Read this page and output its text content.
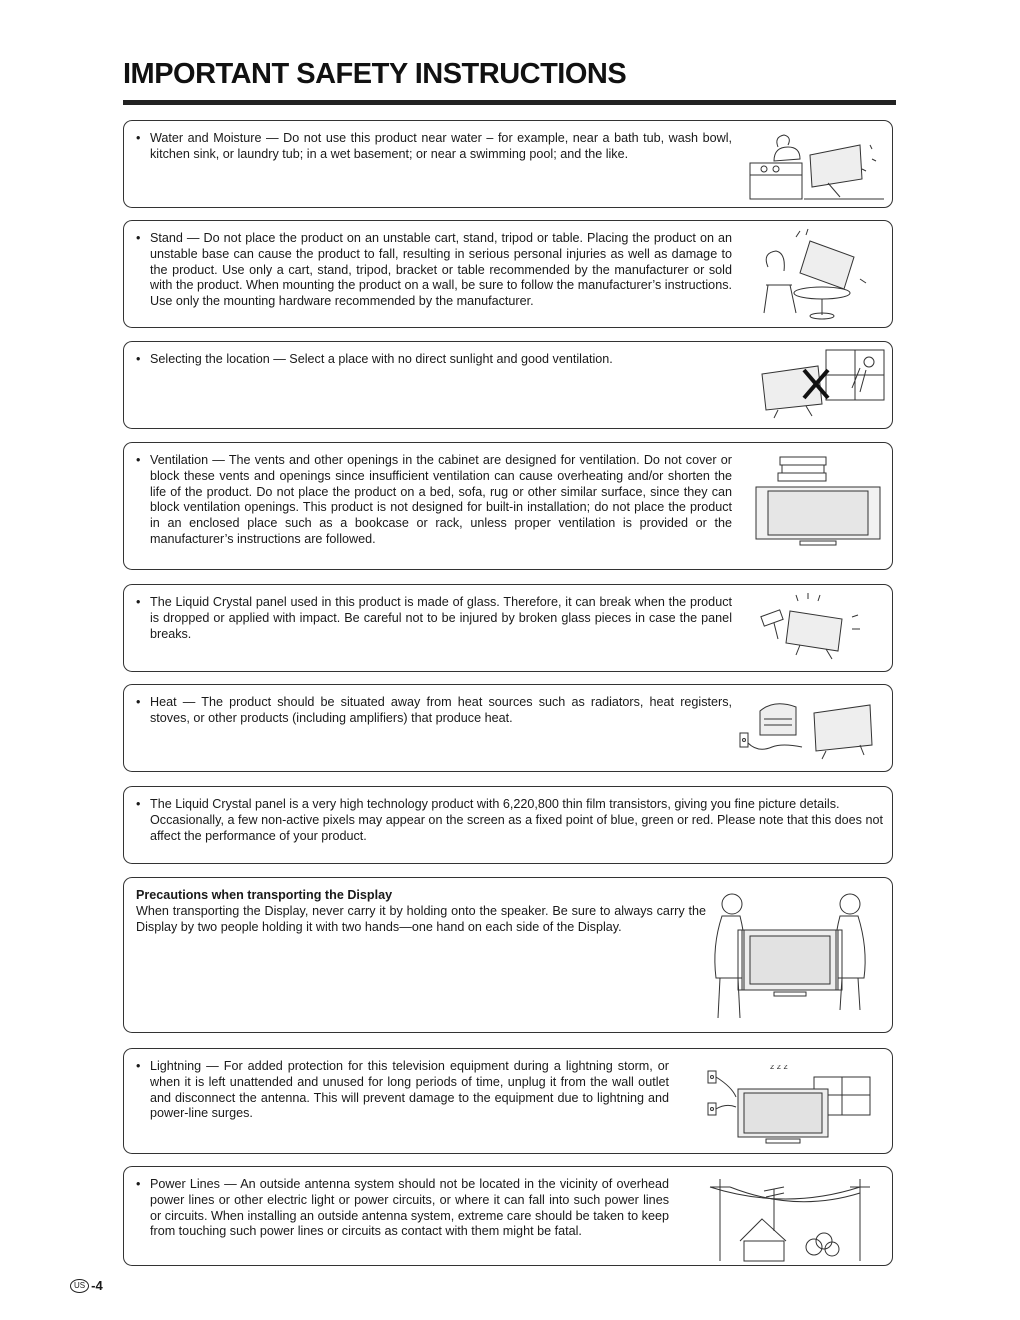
IMPORTANT SAFETY INSTRUCTIONS
• Water and Moisture — Do not use this product near water – for example, near a bath tub, wash bowl, kitchen sink, or laundry tub; in a wet basement; or near a swimming pool; and the like.
• Stand — Do not place the product on an unstable cart, stand, tripod or table. Placing the product on an unstable base can cause the product to fall, resulting in serious personal injuries as well as damage to the product. Use only a cart, stand, tripod, bracket or table recommended by the manufacturer or sold with the product. When mounting the product on a wall, be sure to follow the manufacturer’s instructions. Use only the mounting hardware recommended by the manufacturer.
• Selecting the location — Select a place with no direct sunlight and good ventilation.
• Ventilation — The vents and other openings in the cabinet are designed for ventilation. Do not cover or block these vents and openings since insufficient ventilation can cause overheating and/or shorten the life of the product. Do not place the product on a bed, sofa, rug or other similar surface, since they can block ventilation openings. This product is not designed for built-in installation; do not place the product in an enclosed place such as a bookcase or rack, unless proper ventilation is provided or the manufacturer’s instructions are followed.
• The Liquid Crystal panel used in this product is made of glass. Therefore, it can break when the product is dropped or applied with impact. Be careful not to be injured by broken glass pieces in case the panel breaks.
• Heat — The product should be situated away from heat sources such as radiators, heat registers, stoves, or other products (including amplifiers) that produce heat.
• The Liquid Crystal panel is a very high technology product with 6,220,800 thin film transistors, giving you fine picture details.
Occasionally, a few non-active pixels may appear on the screen as a fixed point of blue, green or red. Please note that this does not affect the performance of your product.
Precautions when transporting the Display
When transporting the Display, never carry it by holding onto the speaker. Be sure to always carry the Display by two people holding it with two hands—one hand on each side of the Display.
• Lightning — For added protection for this television equipment during a lightning storm, or when it is left unattended and unused for long periods of time, unplug it from the wall outlet and disconnect the antenna. This will prevent damage to the equipment due to lightning and power-line surges.
z z z
• Power Lines — An outside antenna system should not be located in the vicinity of overhead power lines or other electric light or power circuits, or where it can fall into such power lines or circuits. When installing an outside antenna system, extreme care should be taken to keep from touching such power lines or circuits as contact with them might be fatal.
US -4
